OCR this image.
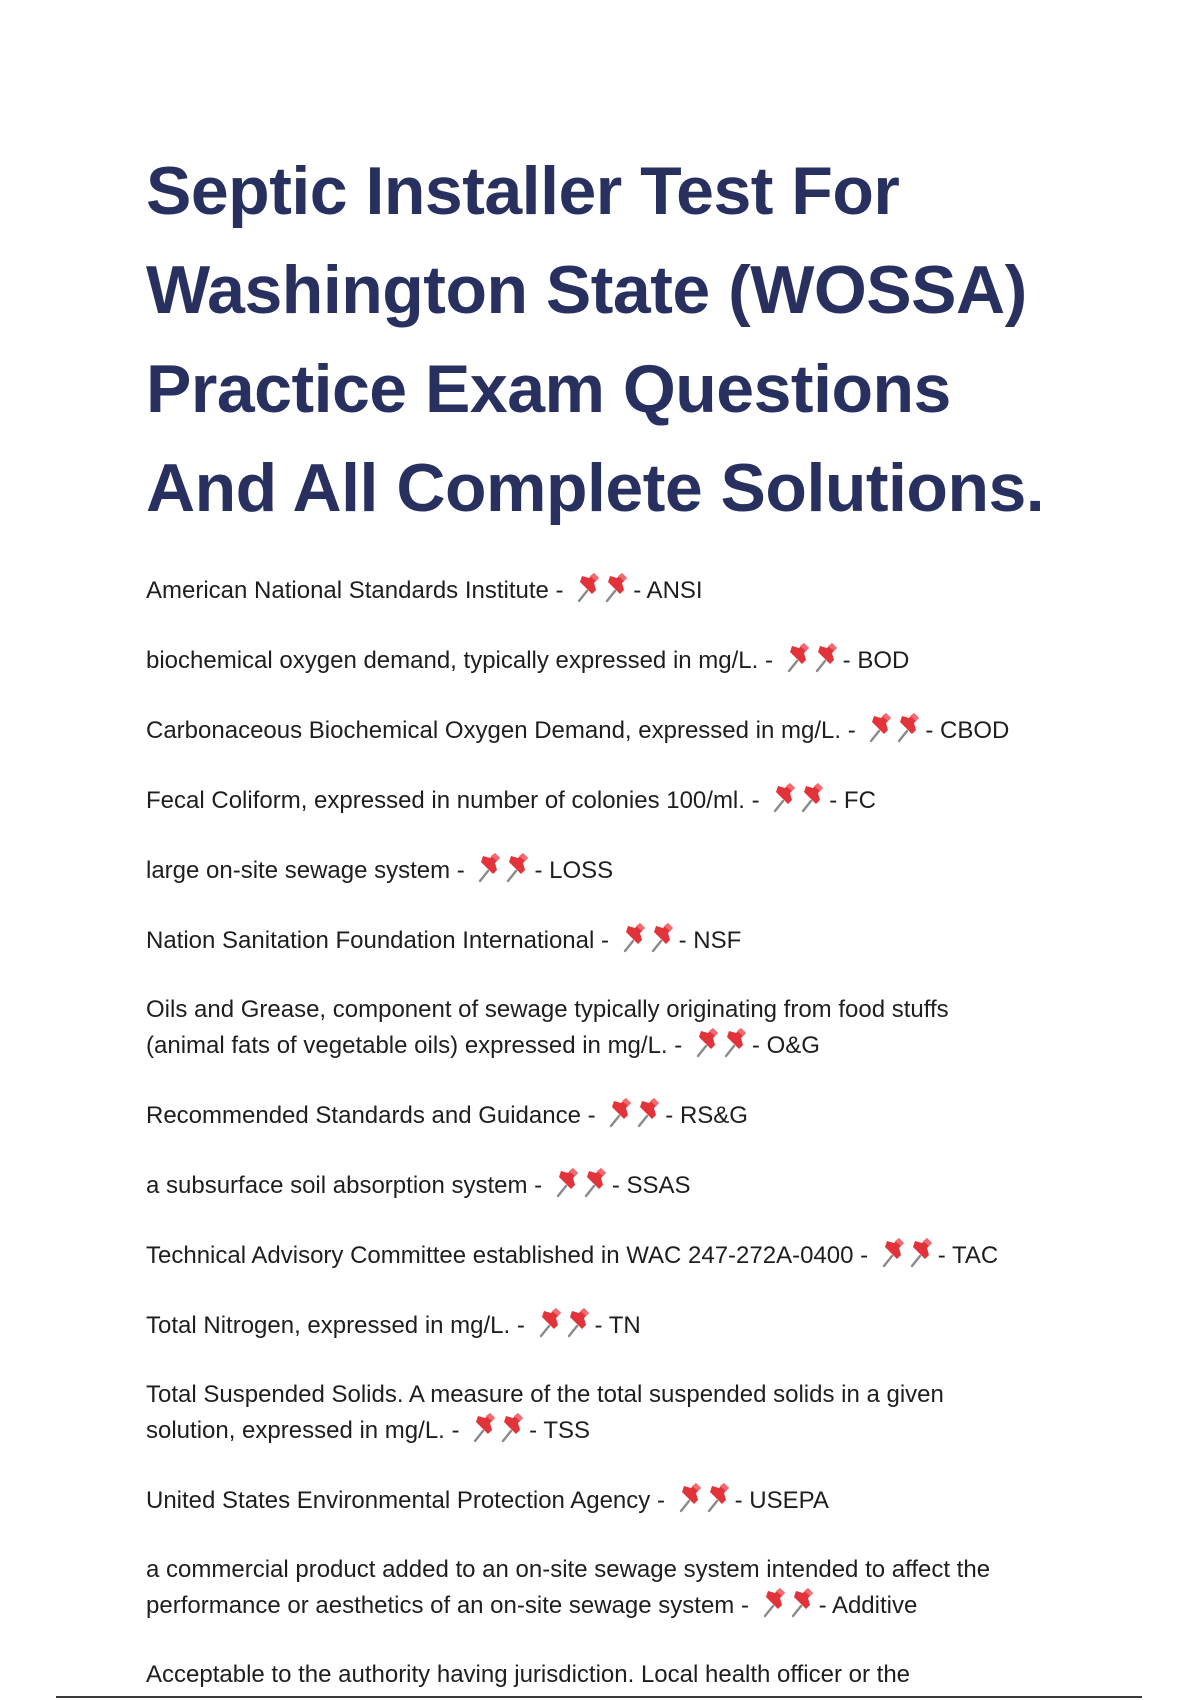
Septic Installer Test For
Washington State (WOSSA)
Practice Exam Questions
And All Complete Solutions.
American National Standards Institute -	- ANSI
biochemical oxygen demand, typically expressed in mg/L. -	- BOD
Carbonaceous Biochemical Oxygen Demand, expressed in mg/L. -	- CBOD
Fecal Coliform, expressed in number of colonies 100/ml. -	- FC
large on-site sewage system -	- LOSS
Nation Sanitation Foundation International -	- NSF
Oils and Grease, component of sewage typically originating from food stuffs
(animal fats of vegetable oils) expressed in mg/L. -	- O&G
Recommended Standards and Guidance -	- RS&G
a subsurface soil absorption system -	- SSAS
Technical Advisory Committee established in WAC 247-272A-0400 -	- TAC
Total Nitrogen, expressed in mg/L. -	- TN
Total Suspended Solids. A measure of the total suspended solids in a given
solution, expressed in mg/L. -	- TSS
United States Environmental Protection Agency -	- USEPA
a commercial product added to an on-site sewage system intended to affect the
performance or aesthetics of an on-site sewage system -	- Additive
Acceptable to the authority having jurisdiction. Local health officer or the
